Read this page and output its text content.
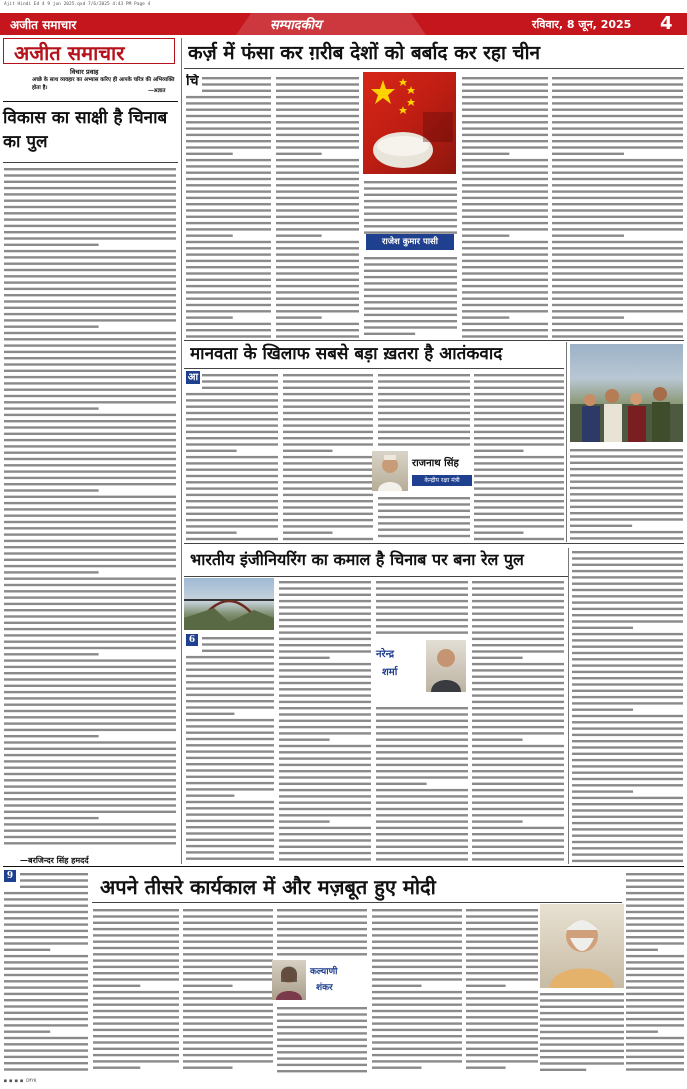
Ajit Hindi Ed 4 9 jun 2025.qxd 7/6/2025 4:43 PM Page 4
अजीत समाचार	सम्पादकीय	रविवार, 8 जून, 2025 4
अजीत समाचार
विचार प्रवाह
अच्छे के साथ व्यवहार का अभ्यास करिए ही आपके चरित्र की अभिव्यक्ति होता है।	—अज्ञात
विकास का साक्षी है चिनाब का पुल
—बरजिन्दर सिंह हमदर्द
कर्ज़ में फंसा कर ग़रीब देशों को बर्बाद कर रहा चीन
चि
राजेश कुमार पासी
मानवता के खिलाफ सबसे बड़ा ख़तरा है आतंकवाद
आ
राजनाथ सिंह
केन्द्रीय रक्षा मंत्री
भारतीय इंजीनियरिंग का कमाल है चिनाब पर बना रेल पुल
6
नरेन्द्र
शर्मा
9	अपने तीसरे कार्यकाल में और मज़बूत हुए मोदी
कल्याणी
शंकर
■ ■ ■ ■ CMYK
